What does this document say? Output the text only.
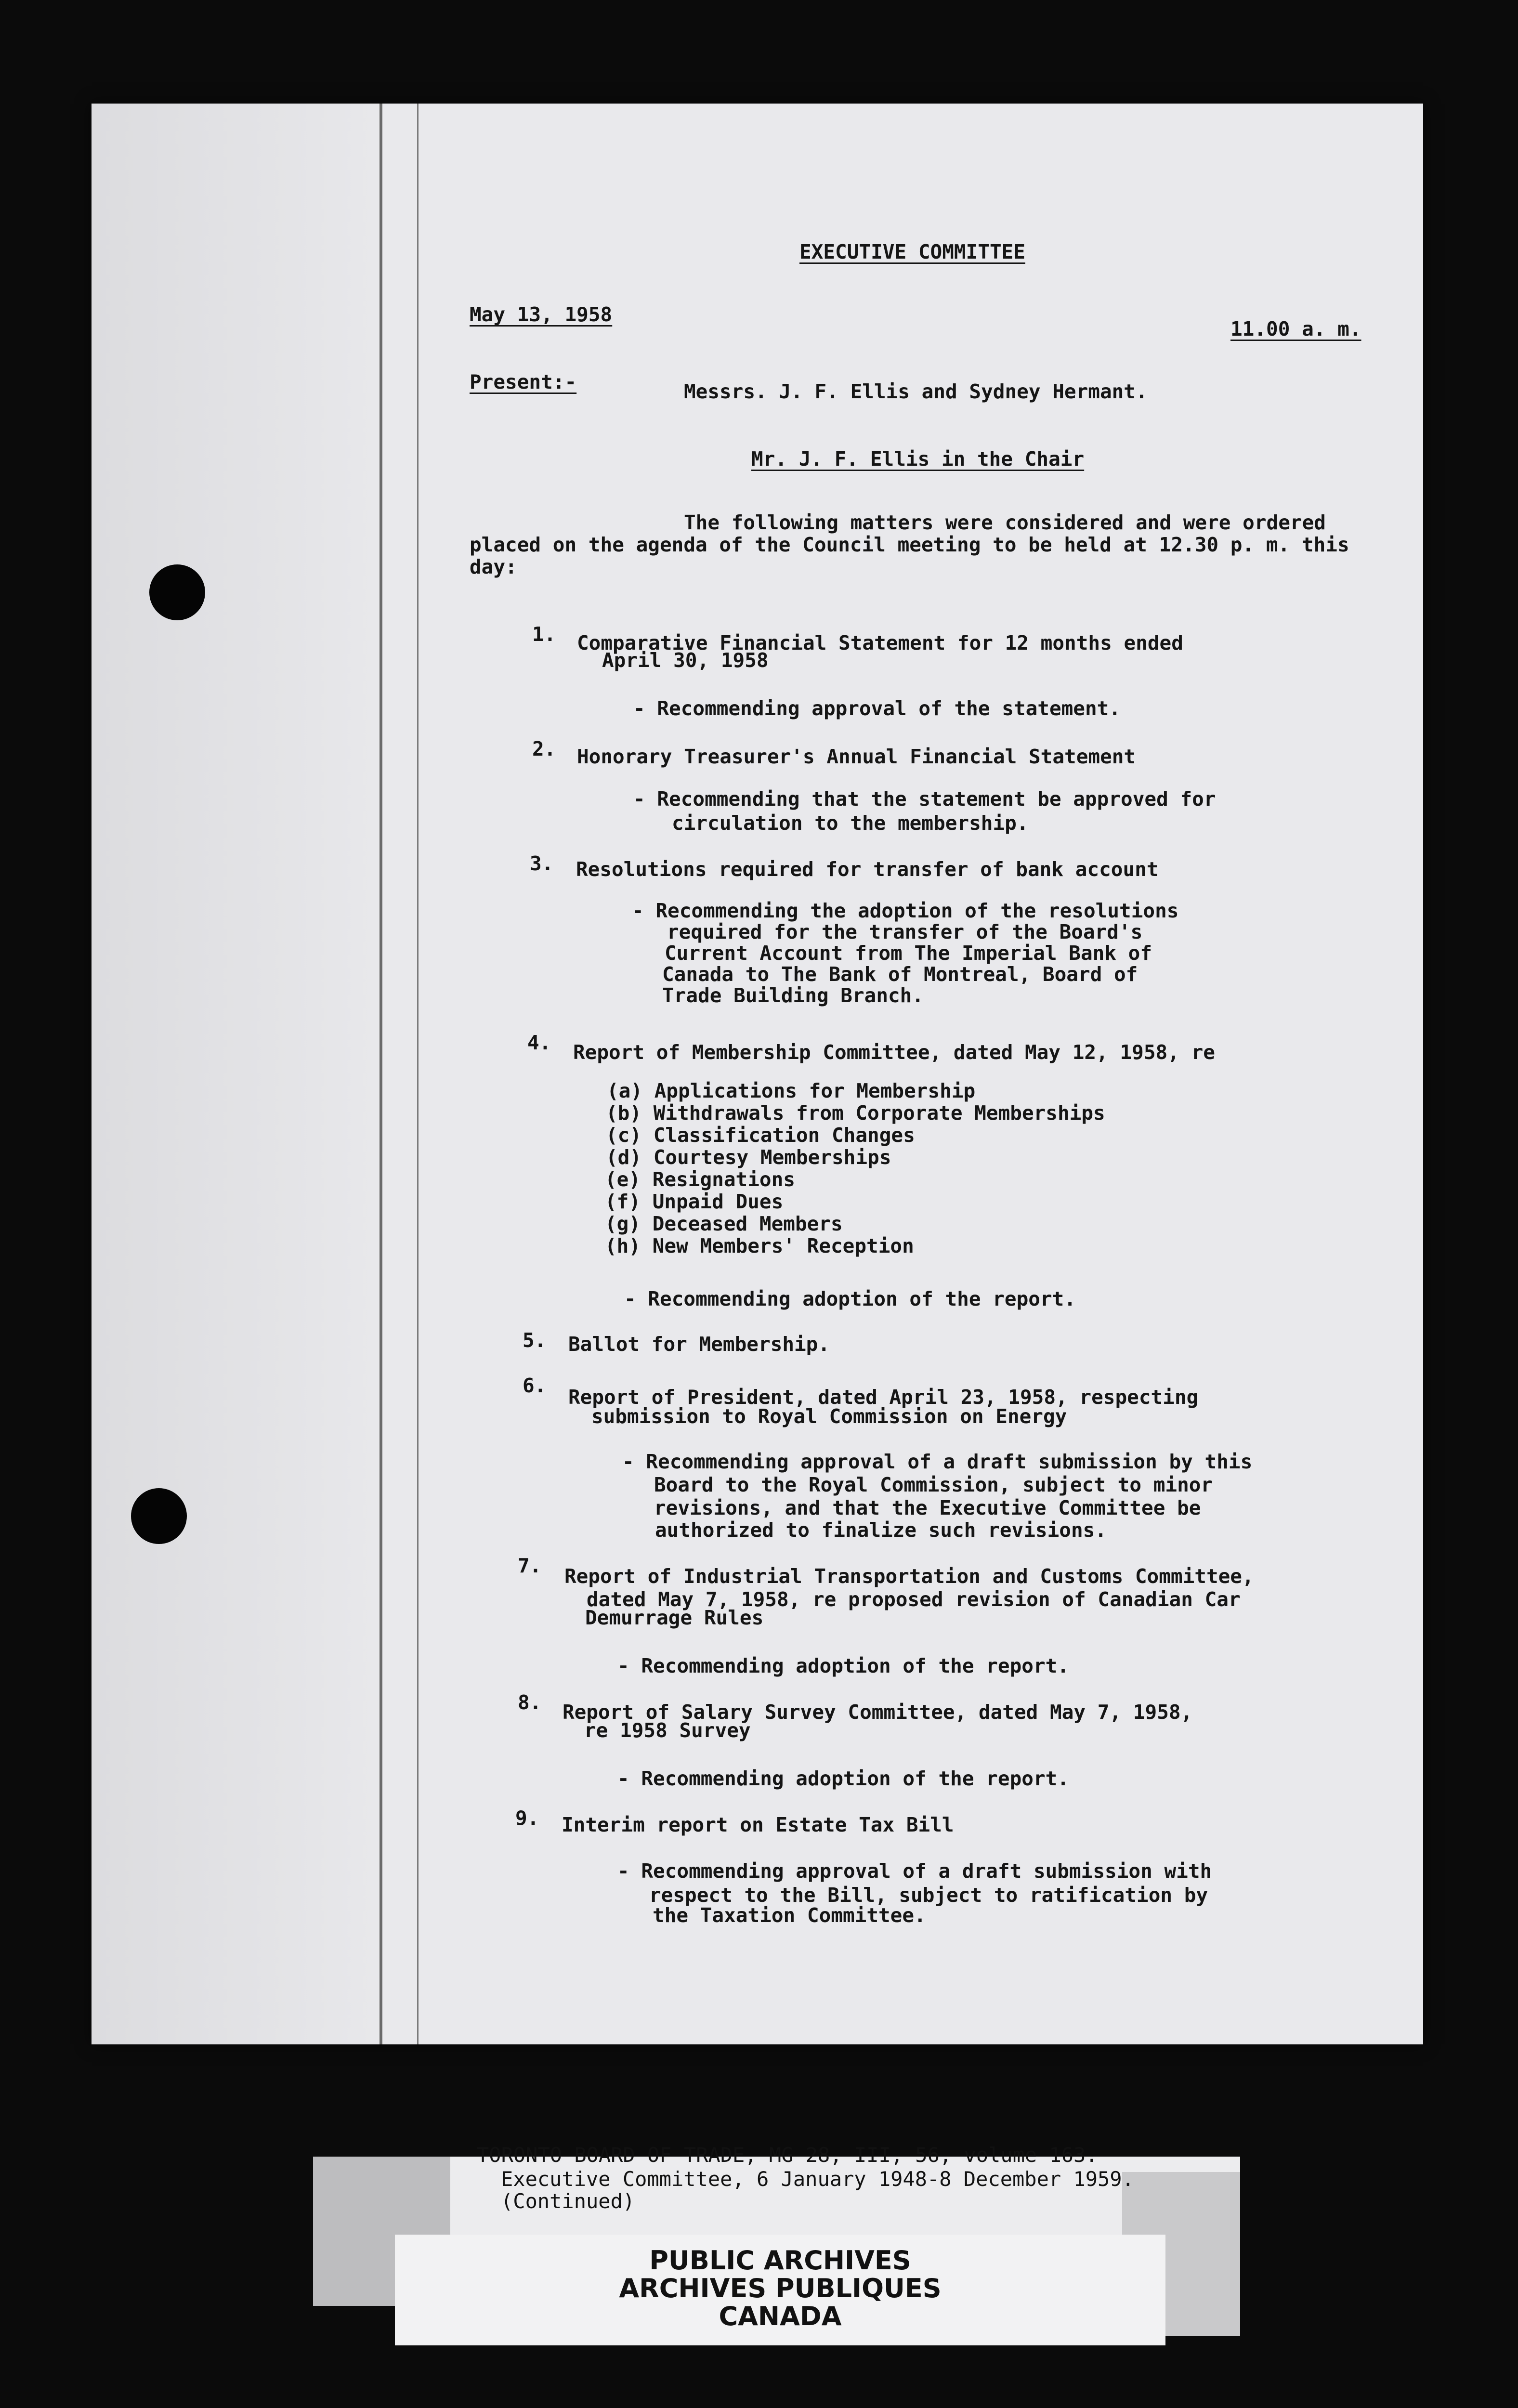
EXECUTIVE COMMITTEE
May 13, 1958
11.00 a. m.
Present:-	Messrs. J. F. Ellis and Sydney Hermant.
Mr. J. F. Ellis in the Chair
The following matters were considered and were ordered
placed on the agenda of the Council meeting to be held at 12.30 p. m. this
day:
1. Comparative Financial Statement for 12 months ended
April 30, 1958
- Recommending approval of the statement.
2. Honorary Treasurer's Annual Financial Statement
- Recommending that the statement be approved for
circulation to the membership.
3. Resolutions required for transfer of bank account
- Recommending the adoption of the resolutions
required for the transfer of the Board's
Current Account from The Imperial Bank of
Canada to The Bank of Montreal, Board of
Trade Building Branch.
4. Report of Membership Committee, dated May 12, 1958, re
(a) Applications for Membership
(b) Withdrawals from Corporate Memberships
(c) Classification Changes
(d) Courtesy Memberships
(e) Resignations
(f) Unpaid Dues
(g) Deceased Members
(h) New Members' Reception
- Recommending adoption of the report.
5. Ballot for Membership.
6. Report of President, dated April 23, 1958, respecting
submission to Royal Commission on Energy
- Recommending approval of a draft submission by this
Board to the Royal Commission, subject to minor
revisions, and that the Executive Committee be
authorized to finalize such revisions.
7. Report of Industrial Transportation and Customs Committee,
dated May 7, 1958, re proposed revision of Canadian Car
Demurrage Rules
- Recommending adoption of the report.
8. Report of Salary Survey Committee, dated May 7, 1958,
re 1958 Survey
- Recommending adoption of the report.
9. Interim report on Estate Tax Bill
- Recommending approval of a draft submission with
respect to the Bill, subject to ratification by
the Taxation Committee.
TORONTO BOARD OF TRADE, MG 28, III, 56, volume 163.
Executive Committee, 6 January 1948-8 December 1959.
(Continued)
PUBLIC ARCHIVES
ARCHIVES PUBLIQUES
CANADA
